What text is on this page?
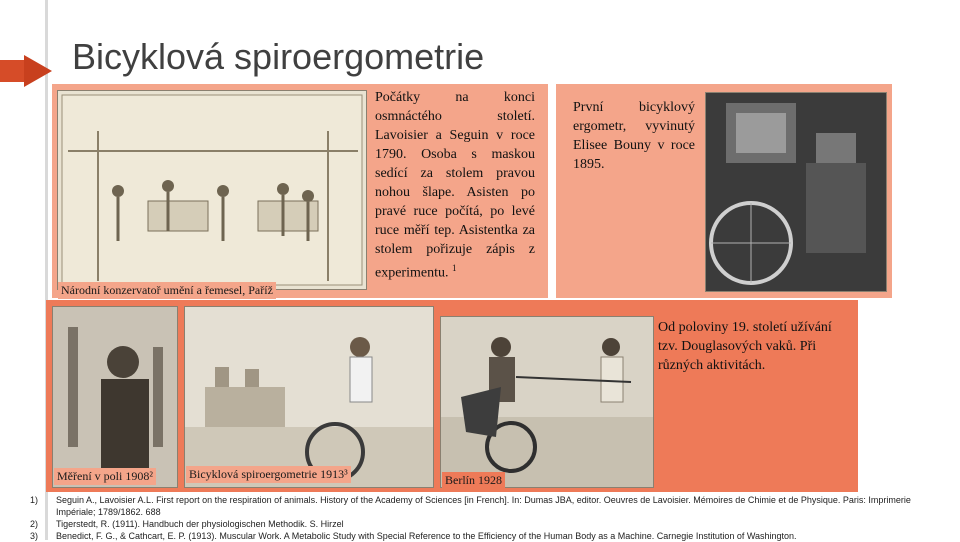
Bicyklová spiroergometrie
Národní konzervatoř umění a řemesel, Paříž
Počátky na konci osmnáctého století. Lavoisier a Seguin v roce 1790. Osoba s maskou sedící za stolem pravou nohou šlape. Asisten po pravé ruce počítá, po levé ruce měří tep. Asistentka za stolem pořizuje zápis z experimentu. $^1$
První bicyklový ergometr, vyvinutý Elisee Bouny v roce 1895.
Měření v poli 1908²	Bicyklová spiroergometrie 1913³	Berlín 1928
Od poloviny 19. století užívání tzv. Douglasových vaků. Při různých aktivitách.
1)	Seguin A., Lavoisier A.L. First report on the respiration of animals. History of the Academy of Sciences [in French]. In: Dumas JBA, editor. Oeuvres de Lavoisier. Mémoires de Chimie et de Physique. Paris: Imprimerie Impériale; 1789/1862. 688
2)	Tigerstedt, R. (1911). Handbuch der physiologischen Methodik. S. Hirzel
3)	Benedict, F. G., & Cathcart, E. P. (1913). Muscular Work. A Metabolic Study with Special Reference to the Efficiency of the Human Body as a Machine. Carnegie Institution of Washington.
